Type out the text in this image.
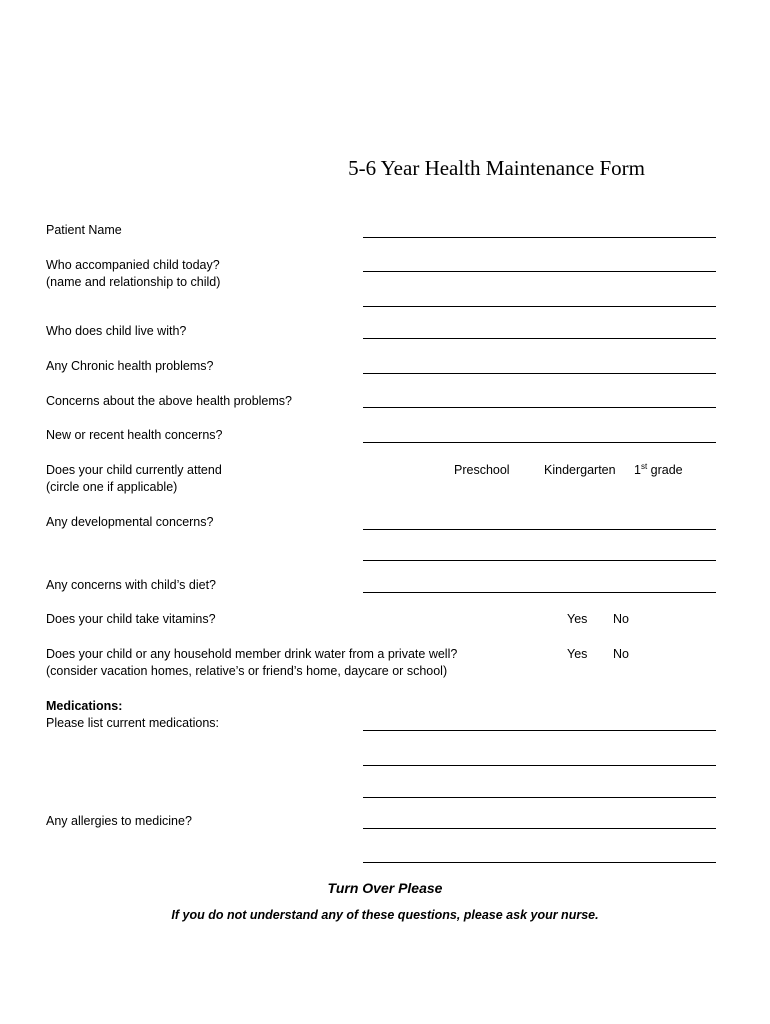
5-6 Year Health Maintenance Form
Patient Name
Who accompanied child today?
(name and relationship to child)
Who does child live with?
Any Chronic health problems?
Concerns about the above health problems?
New or recent health concerns?
Does your child currently attend
(circle one if applicable)
Preschool	Kindergarten 1st grade
Any developmental concerns?
Any concerns with child’s diet?
Does your child take vitamins?	Yes No
Does your child or any household member drink water from a private well?
(consider vacation homes, relative’s or friend’s home, daycare or school)
Yes No
Medications:
Please list current medications:
Any allergies to medicine?
Turn Over Please
If you do not understand any of these questions, please ask your nurse.
